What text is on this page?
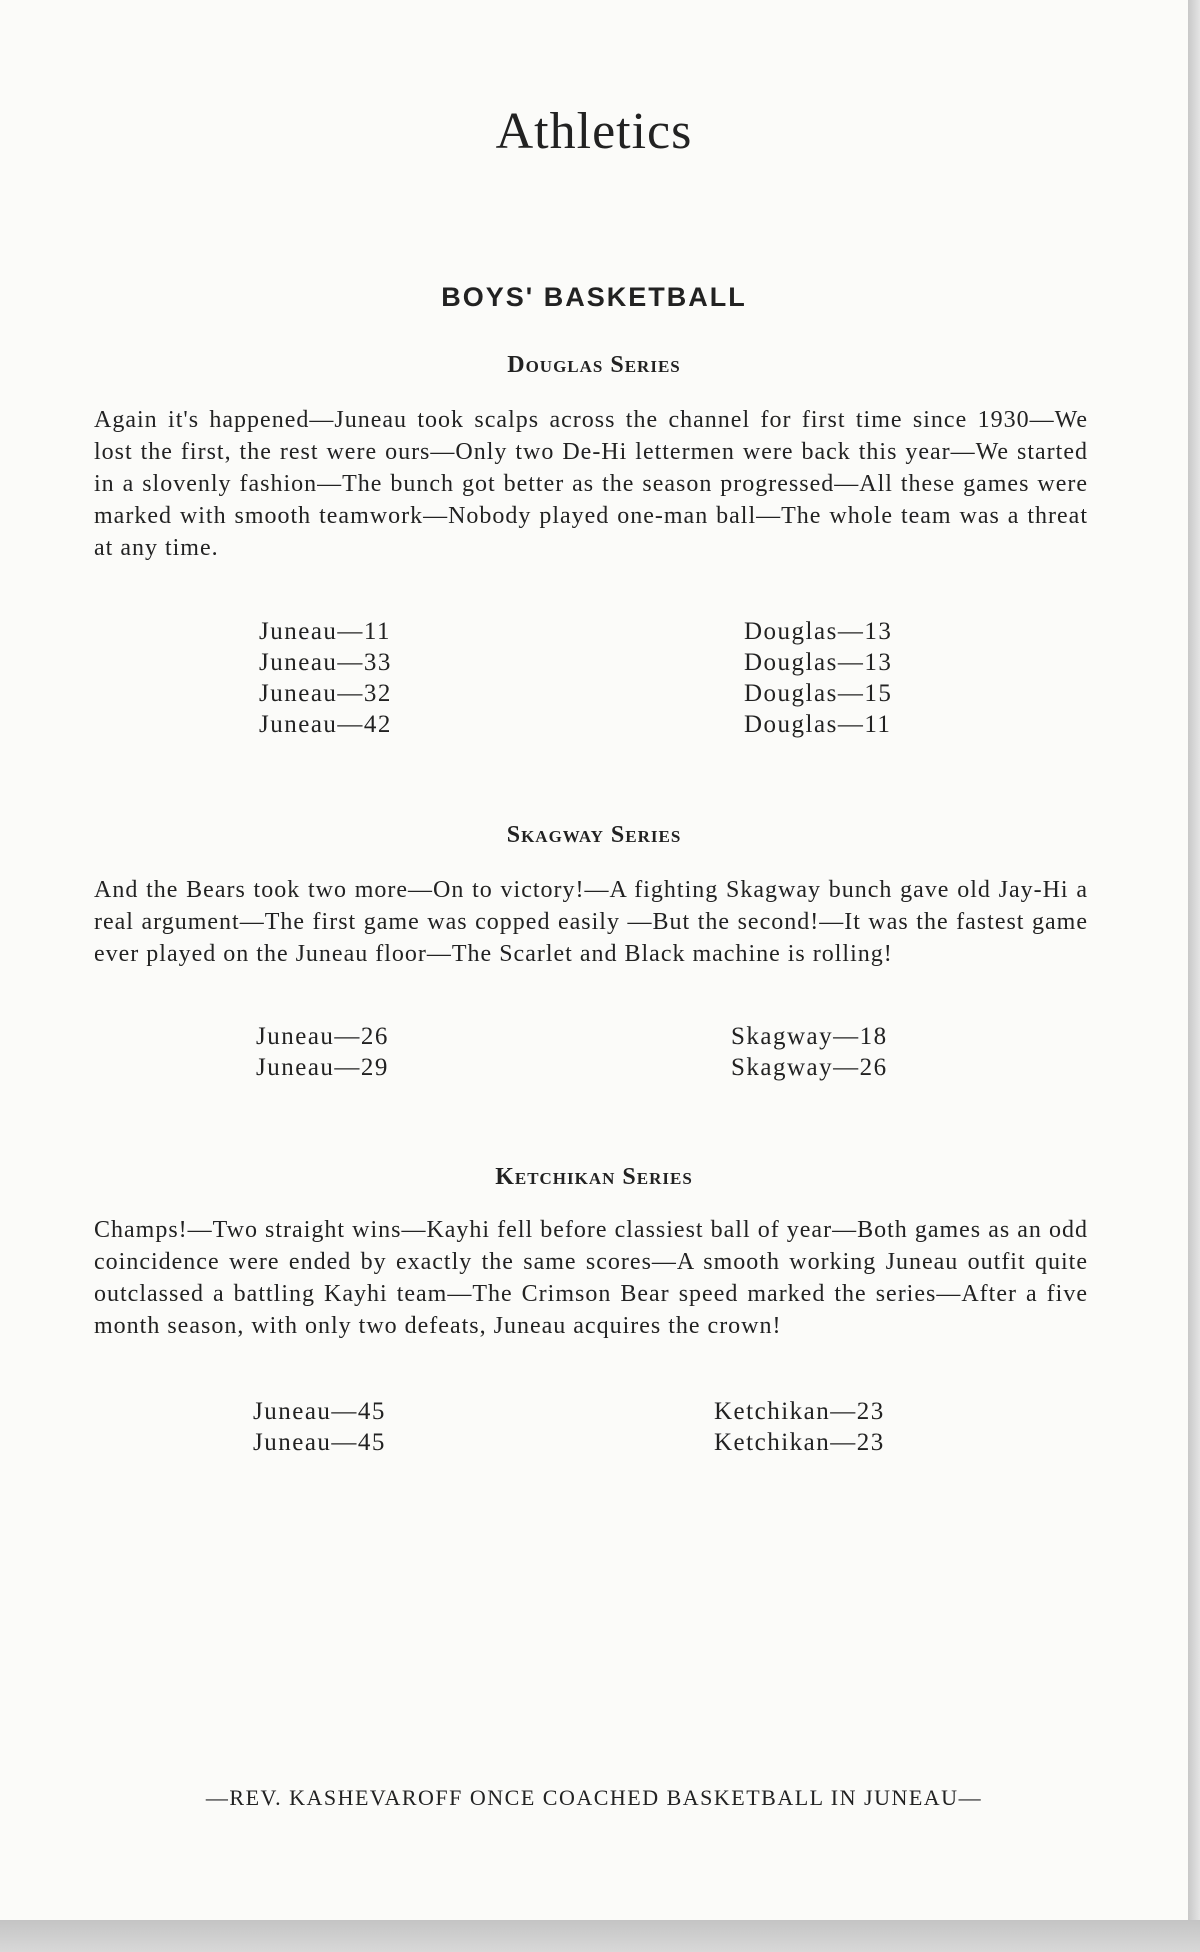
Athletics
BOYS' BASKETBALL
Douglas Series

Again it's happened—Juneau took scalps across the channel for first time since 1930—We lost the first, the rest were ours—Only two De-Hi lettermen were back this year—We started in a slovenly fashion—The bunch got better as the season progressed—All these games were marked with smooth teamwork—Nobody played one-man ball—The whole team was a threat at any time.

Juneau—11
Juneau—33
Juneau—32
Juneau—42
Douglas—13
Douglas—13
Douglas—15
Douglas—11
Skagway Series

And the Bears took two more—On to victory!—A fighting Skagway bunch gave old Jay-Hi a real argument—The first game was copped easily —But the second!—It was the fastest game ever played on the Juneau floor—The Scarlet and Black machine is rolling!

Juneau—26
Juneau—29
Skagway—18
Skagway—26
Ketchikan Series

Champs!—Two straight wins—Kayhi fell before classiest ball of year—Both games as an odd coincidence were ended by exactly the same scores—A smooth working Juneau outfit quite outclassed a battling Kayhi team—The Crimson Bear speed marked the series—After a five month season, with only two defeats, Juneau acquires the crown!

Juneau—45
Juneau—45
Ketchikan—23
Ketchikan—23

—REV. KASHEVAROFF ONCE COACHED BASKETBALL IN JUNEAU—
